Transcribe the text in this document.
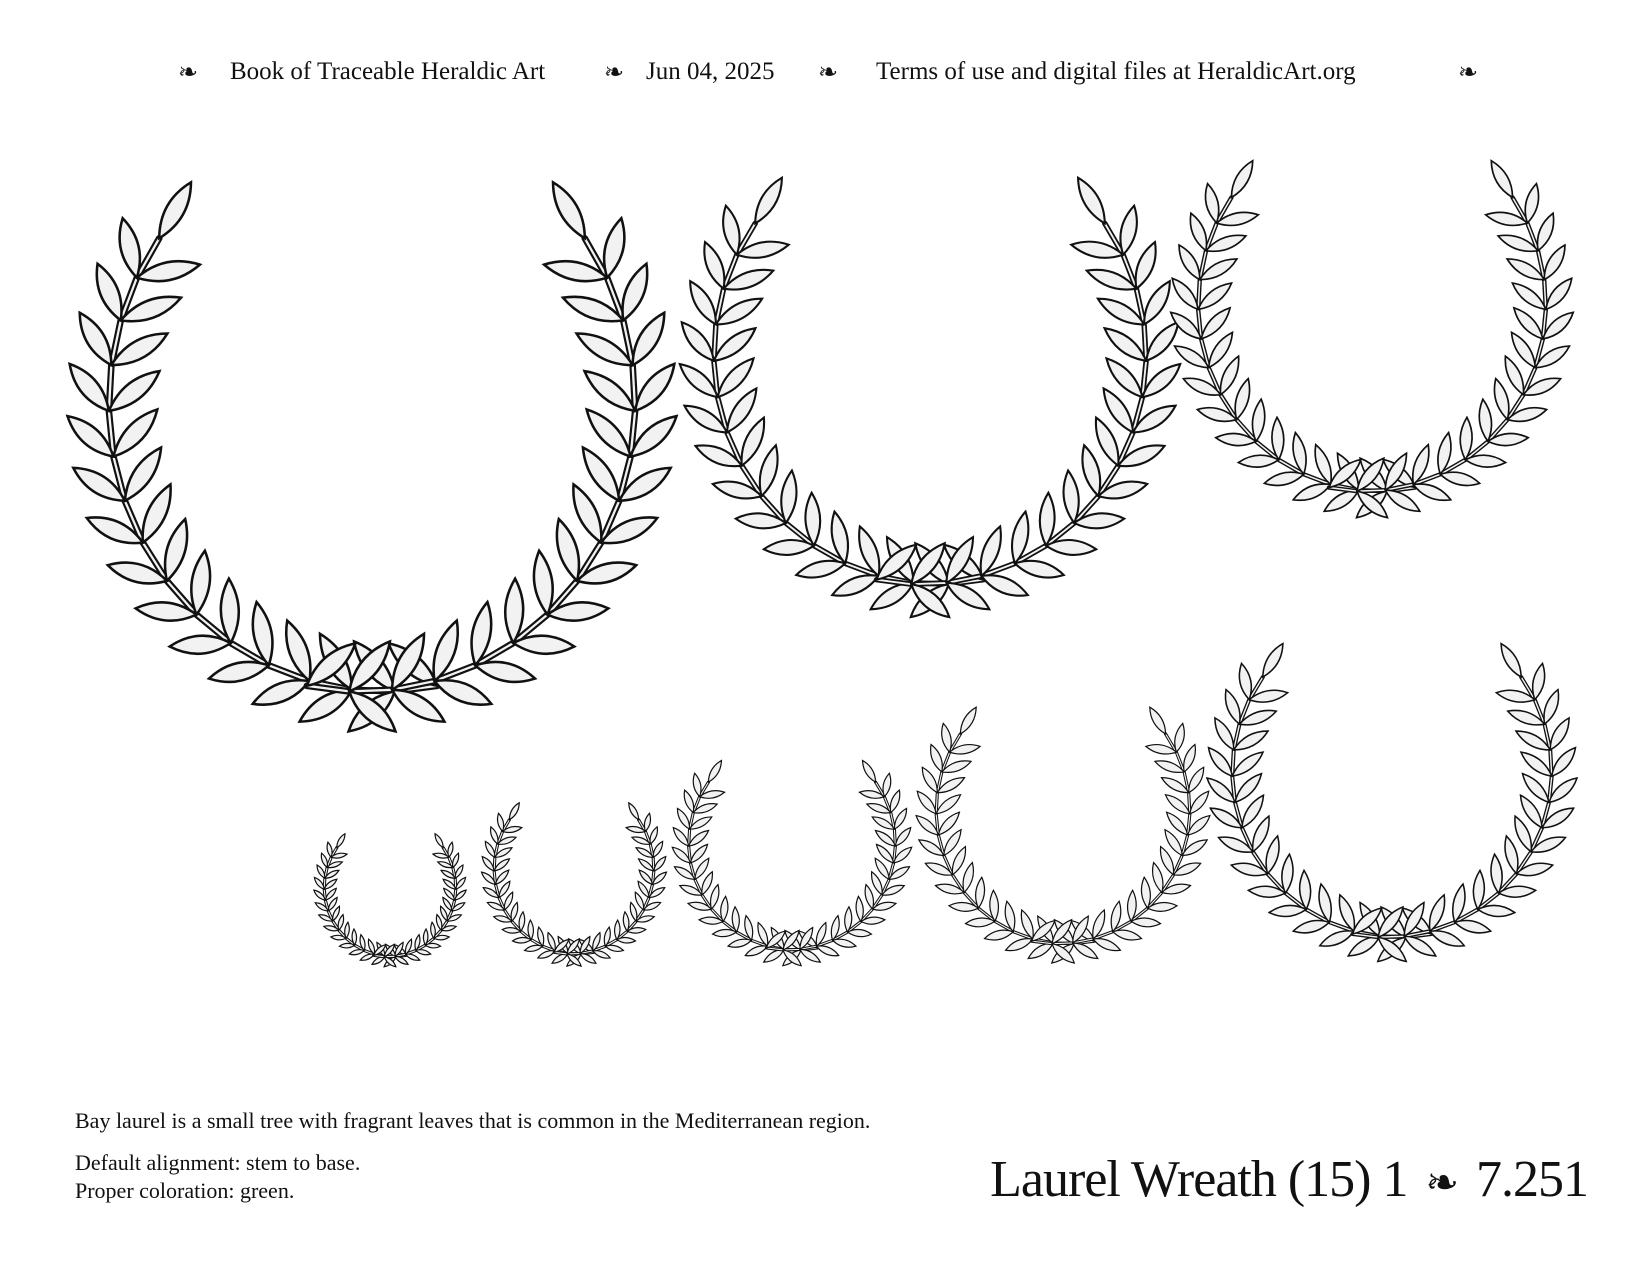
❧ Book of Traceable Heraldic Art ❧ Jun 04, 2025 ❧ Terms of use and digital files at HeraldicArt.org	❧
Bay laurel is a small tree with fragrant leaves that is common in the Mediterranean region.
Default alignment: stem to base.
Proper coloration: green.	Laurel Wreath (15) 1 ❧ 7.251
